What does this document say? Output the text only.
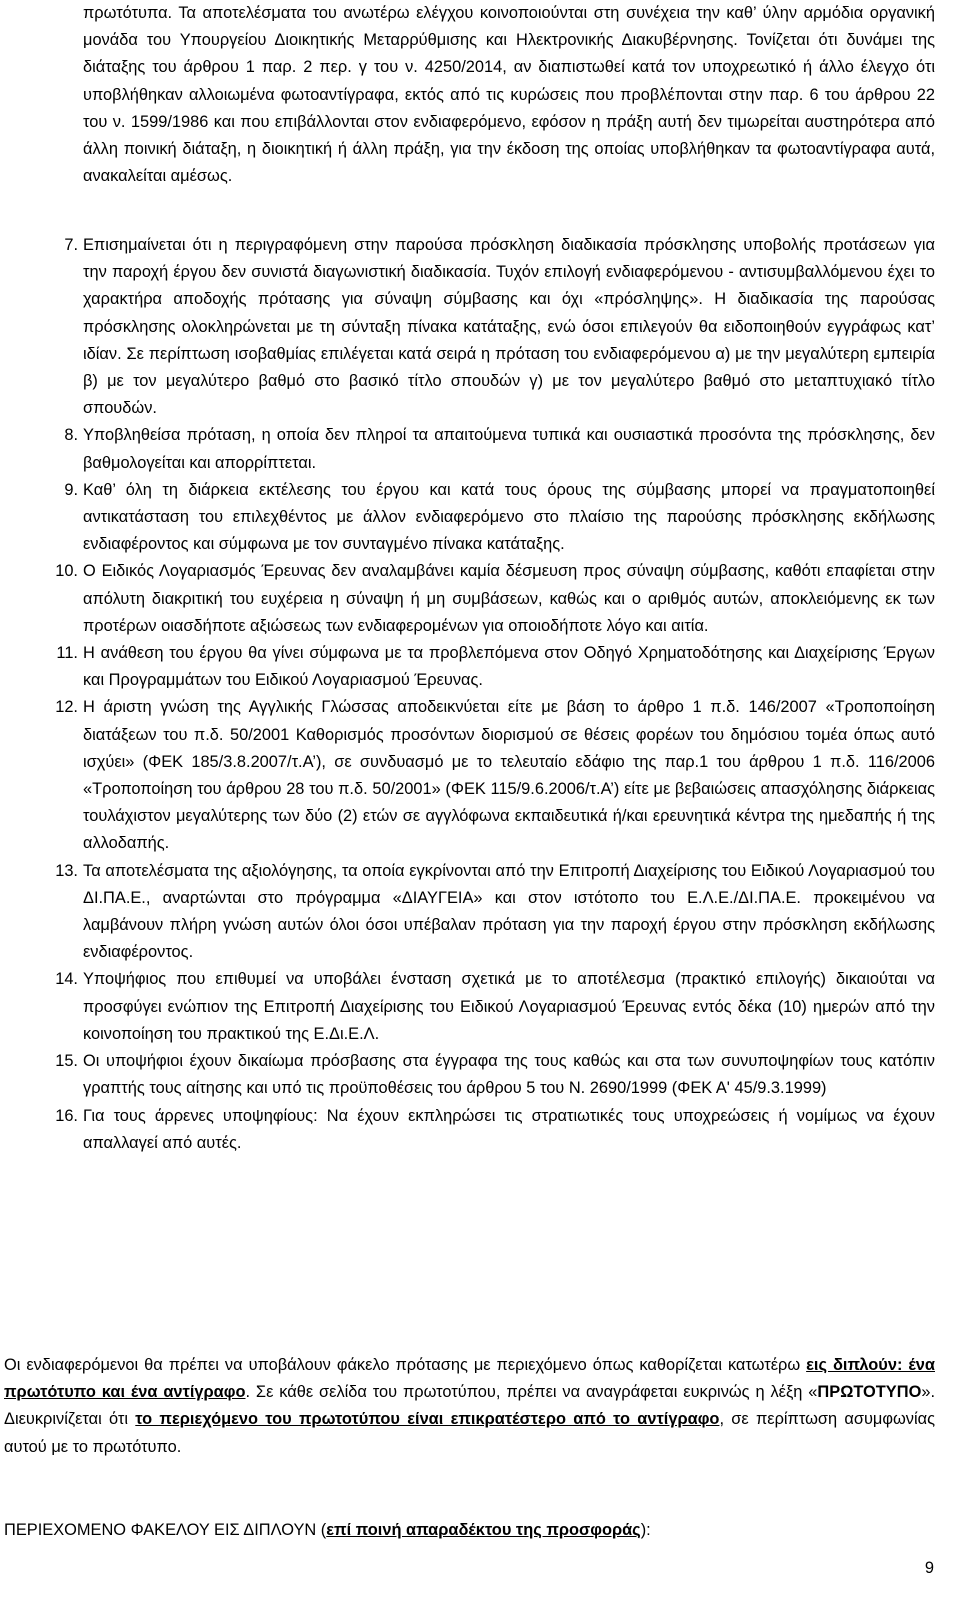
πρωτότυπα. Τα αποτελέσματα του ανωτέρω ελέγχου κοινοποιούνται στη συνέχεια την καθ’ ύλην αρμόδια οργανική μονάδα του Υπουργείου Διοικητικής Μεταρρύθμισης και Ηλεκτρονικής Διακυβέρνησης. Τονίζεται ότι δυνάμει της διάταξης του άρθρου 1 παρ. 2 περ. γ του ν. 4250/2014, αν διαπιστωθεί κατά τον υποχρεωτικό ή άλλο έλεγχο ότι υποβλήθηκαν αλλοιωμένα φωτοαντίγραφα, εκτός από τις κυρώσεις που προβλέπονται στην παρ. 6 του άρθρου 22 του ν. 1599/1986 και που επιβάλλονται στον ενδιαφερόμενο, εφόσον η πράξη αυτή δεν τιμωρείται αυστηρότερα από άλλη ποινική διάταξη, η διοικητική ή άλλη πράξη, για την έκδοση της οποίας υποβλήθηκαν τα φωτοαντίγραφα αυτά, ανακαλείται αμέσως.

7. Επισημαίνεται ότι η περιγραφόμενη στην παρούσα πρόσκληση διαδικασία πρόσκλησης υποβολής προτάσεων για την παροχή έργου δεν συνιστά διαγωνιστική διαδικασία. Τυχόν επιλογή ενδιαφερόμενου - αντισυμβαλλόμενου έχει το χαρακτήρα αποδοχής πρότασης για σύναψη σύμβασης και όχι «πρόσληψης». Η διαδικασία της παρούσας πρόσκλησης ολοκληρώνεται με τη σύνταξη πίνακα κατάταξης, ενώ όσοι επιλεγούν θα ειδοποιηθούν εγγράφως κατ’ ιδίαν. Σε περίπτωση ισοβαθμίας επιλέγεται κατά σειρά η πρόταση του ενδιαφερόμενου α) με την μεγαλύτερη εμπειρία β) με τον μεγαλύτερο βαθμό στο βασικό τίτλο σπουδών γ) με τον μεγαλύτερο βαθμό στο μεταπτυχιακό τίτλο σπουδών.
8. Υποβληθείσα πρόταση, η οποία δεν πληροί τα απαιτούμενα τυπικά και ουσιαστικά προσόντα της πρόσκλησης, δεν βαθμολογείται και απορρίπτεται.
9. Καθ’ όλη τη διάρκεια εκτέλεσης του έργου και κατά τους όρους της σύμβασης μπορεί να πραγματοποιηθεί αντικατάσταση του επιλεχθέντος με άλλον ενδιαφερόμενο στο πλαίσιο της παρούσης πρόσκλησης εκδήλωσης ενδιαφέροντος και σύμφωνα με τον συνταγμένο πίνακα κατάταξης.
10. Ο Ειδικός Λογαριασμός Έρευνας δεν αναλαμβάνει καμία δέσμευση προς σύναψη σύμβασης, καθότι επαφίεται στην απόλυτη διακριτική του ευχέρεια η σύναψη ή μη συμβάσεων, καθώς και ο αριθμός αυτών, αποκλειόμενης εκ των προτέρων οιασδήποτε αξιώσεως των ενδιαφερομένων για οποιοδήποτε λόγο και αιτία.
11. Η ανάθεση του έργου θα γίνει σύμφωνα με τα προβλεπόμενα στον Οδηγό Χρηματοδότησης και Διαχείρισης Έργων και Προγραμμάτων του Ειδικού Λογαριασμού Έρευνας.
12. Η άριστη γνώση της Αγγλικής Γλώσσας αποδεικνύεται είτε με βάση το άρθρο 1 π.δ. 146/2007 «Τροποποίηση διατάξεων του π.δ. 50/2001 Καθορισμός προσόντων διορισμού σε θέσεις φορέων του δημόσιου τομέα όπως αυτό ισχύει» (ΦΕΚ 185/3.8.2007/τ.Α’), σε συνδυασμό με το τελευταίο εδάφιο της παρ.1 του άρθρου 1 π.δ. 116/2006 «Τροποποίηση του άρθρου 28 του π.δ. 50/2001» (ΦΕΚ 115/9.6.2006/τ.Α’) είτε με βεβαιώσεις απασχόλησης διάρκειας τουλάχιστον μεγαλύτερης των δύο (2) ετών σε αγγλόφωνα εκπαιδευτικά ή/και ερευνητικά κέντρα της ημεδαπής ή της αλλοδαπής.
13. Τα αποτελέσματα της αξιολόγησης, τα οποία εγκρίνονται από την Επιτροπή Διαχείρισης του Ειδικού Λογαριασμού του ΔΙ.ΠΑ.Ε., αναρτώνται στο πρόγραμμα «ΔΙΑΥΓΕΙΑ» και στον ιστότοπο του Ε.Λ.Ε./ΔΙ.ΠΑ.Ε. προκειμένου να λαμβάνουν πλήρη γνώση αυτών όλοι όσοι υπέβαλαν πρόταση για την παροχή έργου στην πρόσκληση εκδήλωσης ενδιαφέροντος.
14. Υποψήφιος που επιθυμεί να υποβάλει ένσταση σχετικά με το αποτέλεσμα (πρακτικό επιλογής) δικαιούται να προσφύγει ενώπιον της Επιτροπή Διαχείρισης του Ειδικού Λογαριασμού Έρευνας εντός δέκα (10) ημερών από την κοινοποίηση του πρακτικού της Ε.Δι.Ε.Λ.
15. Οι υποψήφιοι έχουν δικαίωμα πρόσβασης στα έγγραφα της τους καθώς και στα των συνυποψηφίων τους κατόπιν γραπτής τους αίτησης και υπό τις προϋποθέσεις του άρθρου 5 του Ν. 2690/1999 (ΦΕΚ Α' 45/9.3.1999)
16. Για τους άρρενες υποψηφίους: Να έχουν εκπληρώσει τις στρατιωτικές τους υποχρεώσεις ή νομίμως να έχουν απαλλαγεί από αυτές.

Οι ενδιαφερόμενοι θα πρέπει να υποβάλουν φάκελο πρότασης με περιεχόμενο όπως καθορίζεται κατωτέρω εις διπλούν: ένα πρωτότυπο και ένα αντίγραφο. Σε κάθε σελίδα του πρωτοτύπου, πρέπει να αναγράφεται ευκρινώς η λέξη «ΠΡΩΤΟΤΥΠΟ». Διευκρινίζεται ότι το περιεχόμενο του πρωτοτύπου είναι επικρατέστερο από το αντίγραφο, σε περίπτωση ασυμφωνίας αυτού με το πρωτότυπο.

ΠΕΡΙΕΧΟΜΕΝΟ ΦΑΚΕΛΟΥ ΕΙΣ ΔΙΠΛΟΥΝ (επί ποινή απαραδέκτου της προσφοράς):

9
